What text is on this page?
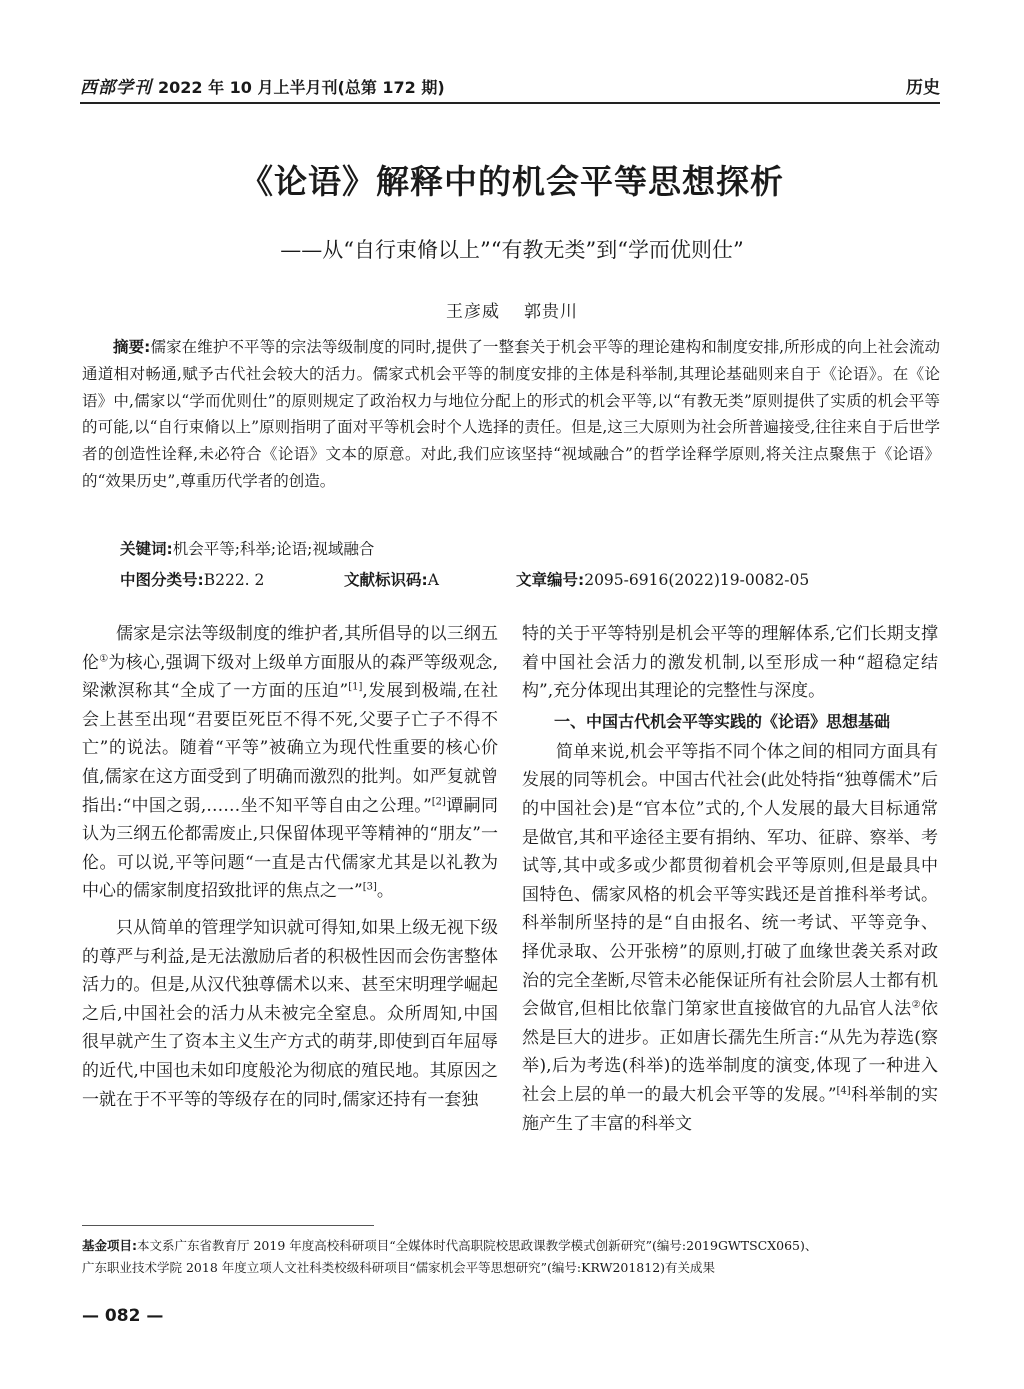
西部学刊 2022 年 10 月上半月刊(总第 172 期)	历史
《论语》解释中的机会平等思想探析
——从“自行束脩以上”“有教无类”到“学而优则仕”
王彦威 郭贵川

摘要:儒家在维护不平等的宗法等级制度的同时,提供了一整套关于机会平等的理论建构和制度安排,所形成的向上社会流动通道相对畅通,赋予古代社会较大的活力。儒家式机会平等的制度安排的主体是科举制,其理论基础则来自于《论语》。在《论语》中,儒家以“学而优则仕”的原则规定了政治权力与地位分配上的形式的机会平等,以“有教无类”原则提供了实质的机会平等的可能,以“自行束脩以上”原则指明了面对平等机会时个人选择的责任。但是,这三大原则为社会所普遍接受,往往来自于后世学者的创造性诠释,未必符合《论语》文本的原意。对此,我们应该坚持“视域融合”的哲学诠释学原则,将关注点聚焦于《论语》的“效果历史”,尊重历代学者的创造。

关键词:机会平等;科举;论语;视域融合
中图分类号:B222. 2	文献标识码:A	文章编号:2095-6916(2022)19-0082-05

儒家是宗法等级制度的维护者,其所倡导的以三纲五伦①为核心,强调下级对上级单方面服从的森严等级观念,梁漱溟称其“全成了一方面的压迫”[1],发展到极端,在社会上甚至出现“君要臣死臣不得不死,父要子亡子不得不亡”的说法。随着“平等”被确立为现代性重要的核心价值,儒家在这方面受到了明确而激烈的批判。如严复就曾指出:“中国之弱,……坐不知平等自由之公理。”[2]谭嗣同认为三纲五伦都需废止,只保留体现平等精神的“朋友”一伦。可以说,平等问题“一直是古代儒家尤其是以礼教为中心的儒家制度招致批评的焦点之一”[3]。

只从简单的管理学知识就可得知,如果上级无视下级的尊严与利益,是无法激励后者的积极性因而会伤害整体活力的。但是,从汉代独尊儒术以来、甚至宋明理学崛起之后,中国社会的活力从未被完全窒息。众所周知,中国很早就产生了资本主义生产方式的萌芽,即使到百年屈辱的近代,中国也未如印度般沦为彻底的殖民地。其原因之一就在于不平等的等级存在的同时,儒家还持有一套独

特的关于平等特别是机会平等的理解体系,它们长期支撑着中国社会活力的激发机制,以至形成一种“超稳定结构”,充分体现出其理论的完整性与深度。

一、中国古代机会平等实践的《论语》思想基础

简单来说,机会平等指不同个体之间的相同方面具有发展的同等机会。中国古代社会(此处特指“独尊儒术”后的中国社会)是“官本位”式的,个人发展的最大目标通常是做官,其和平途径主要有捐纳、军功、征辟、察举、考试等,其中或多或少都贯彻着机会平等原则,但是最具中国特色、儒家风格的机会平等实践还是首推科举考试。科举制所坚持的是“自由报名、统一考试、平等竞争、择优录取、公开张榜”的原则,打破了血缘世袭关系对政治的完全垄断,尽管未必能保证所有社会阶层人士都有机会做官,但相比依靠门第家世直接做官的九品官人法②依然是巨大的进步。正如唐长孺先生所言:“从先为荐选(察举),后为考选(科举)的选举制度的演变,体现了一种进入社会上层的单一的最大机会平等的发展。”[4]科举制的实施产生了丰富的科举文

基金项目:本文系广东省教育厅 2019 年度高校科研项目“全媒体时代高职院校思政课教学模式创新研究”(编号:2019GWTSCX065)、
广东职业技术学院 2018 年度立项人文社科类校级科研项目“儒家机会平等思想研究”(编号:KRW201812)有关成果
— 082 —
